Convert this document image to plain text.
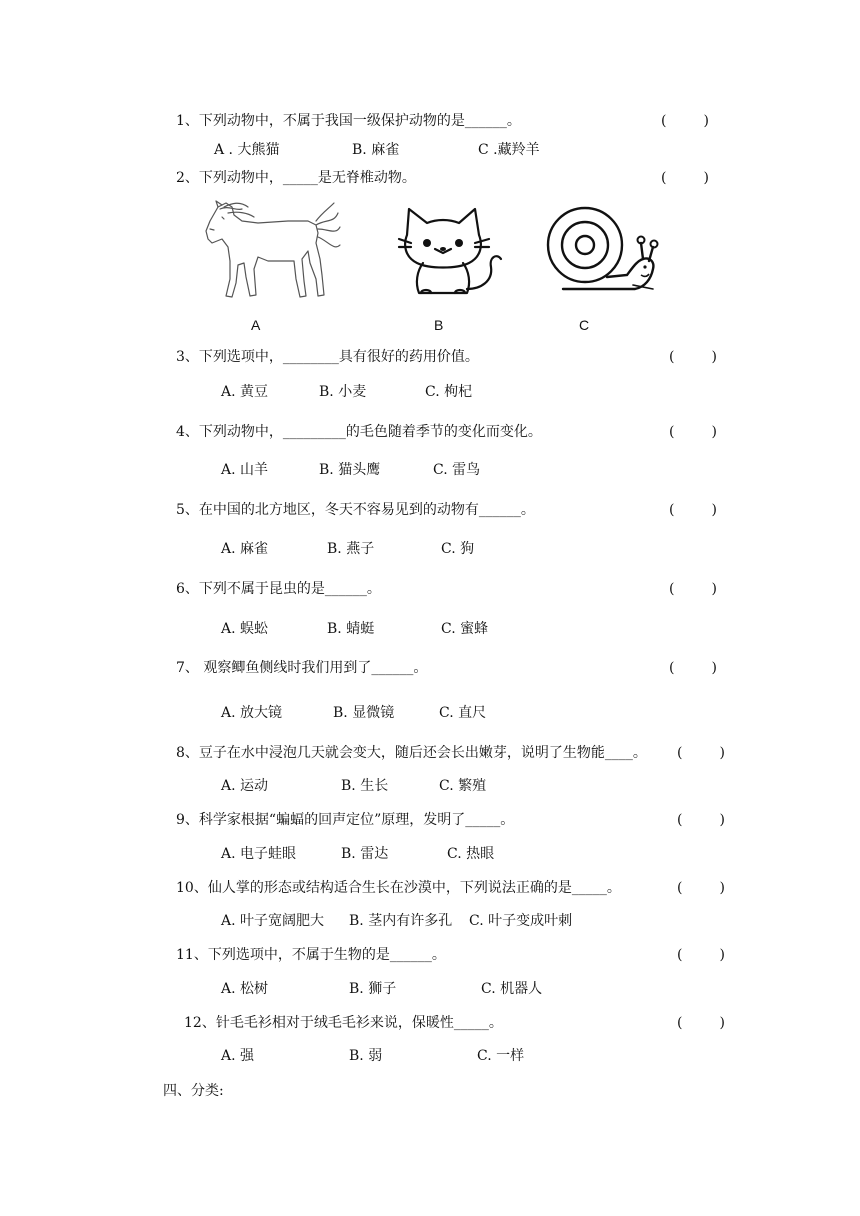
1、下列动物中，不属于我国一级保护动物的是______。	(	)
A . 大熊猫	B. 麻雀	C .藏羚羊
2、下列动物中，_____是无脊椎动物。	(	)
A	B	C
3、下列选项中，________具有很好的药用价值。	(	)
A. 黄豆	B. 小麦	C. 枸杞
4、下列动物中，_________的毛色随着季节的变化而变化。	(	)
A. 山羊	B. 猫头鹰	C. 雷鸟
5、在中国的北方地区，冬天不容易见到的动物有______。	(	)
A. 麻雀	B. 燕子	C. 狗
6、下列不属于昆虫的是______。	(	)
A. 蜈蚣	B. 蜻蜓	C. 蜜蜂
7、 观察鲫鱼侧线时我们用到了______。	(	)
A. 放大镜	B. 显微镜	C. 直尺
8、豆子在水中浸泡几天就会变大，随后还会长出嫩芽，说明了生物能____。 (	)
A. 运动	B. 生长	C. 繁殖
9、科学家根据“蝙蝠的回声定位”原理，发明了_____。	(	)
A. 电子蛙眼	B. 雷达	C. 热眼
10、仙人掌的形态或结构适合生长在沙漠中，下列说法正确的是_____。	(	)
A. 叶子宽阔肥大 B. 茎内有许多孔 C. 叶子变成叶刺
11、下列选项中，不属于生物的是______。	(	)
A. 松树	B. 狮子	C. 机器人
12、针毛毛衫相对于绒毛毛衫来说，保暖性_____。	(	)
A. 强	B. 弱	C. 一样
四、分类:
